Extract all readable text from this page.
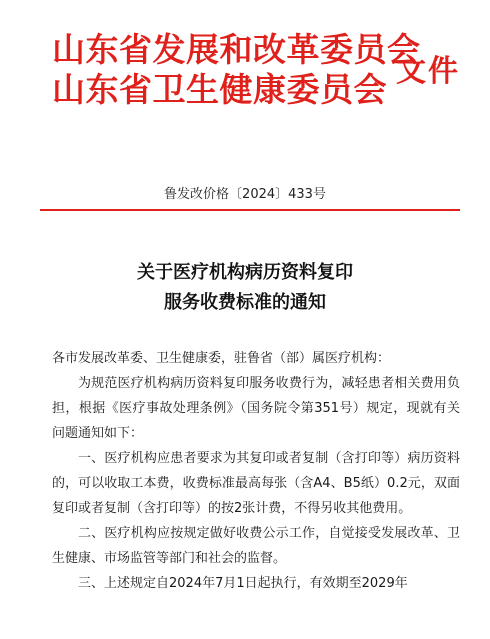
山东省发展和改革委员会
山东省卫生健康委员会 文件
鲁发改价格〔2024〕433号
关于医疗机构病历资料复印
服务收费标准的通知

各市发展改革委、卫生健康委，驻鲁省（部）属医疗机构：

为规范医疗机构病历资料复印服务收费行为，减轻患者相关费用负担，根据《医疗事故处理条例》（国务院令第351号）规定，现就有关问题通知如下：

一、医疗机构应患者要求为其复印或者复制（含打印等）病历资料的，可以收取工本费，收费标准最高每张（含A4、B5纸）0.2元，双面复印或者复制（含打印等）的按2张计费，不得另收其他费用。

二、医疗机构应按规定做好收费公示工作，自觉接受发展改革、卫生健康、市场监管等部门和社会的监督。

三、上述规定自2024年7月1日起执行，有效期至2029年
